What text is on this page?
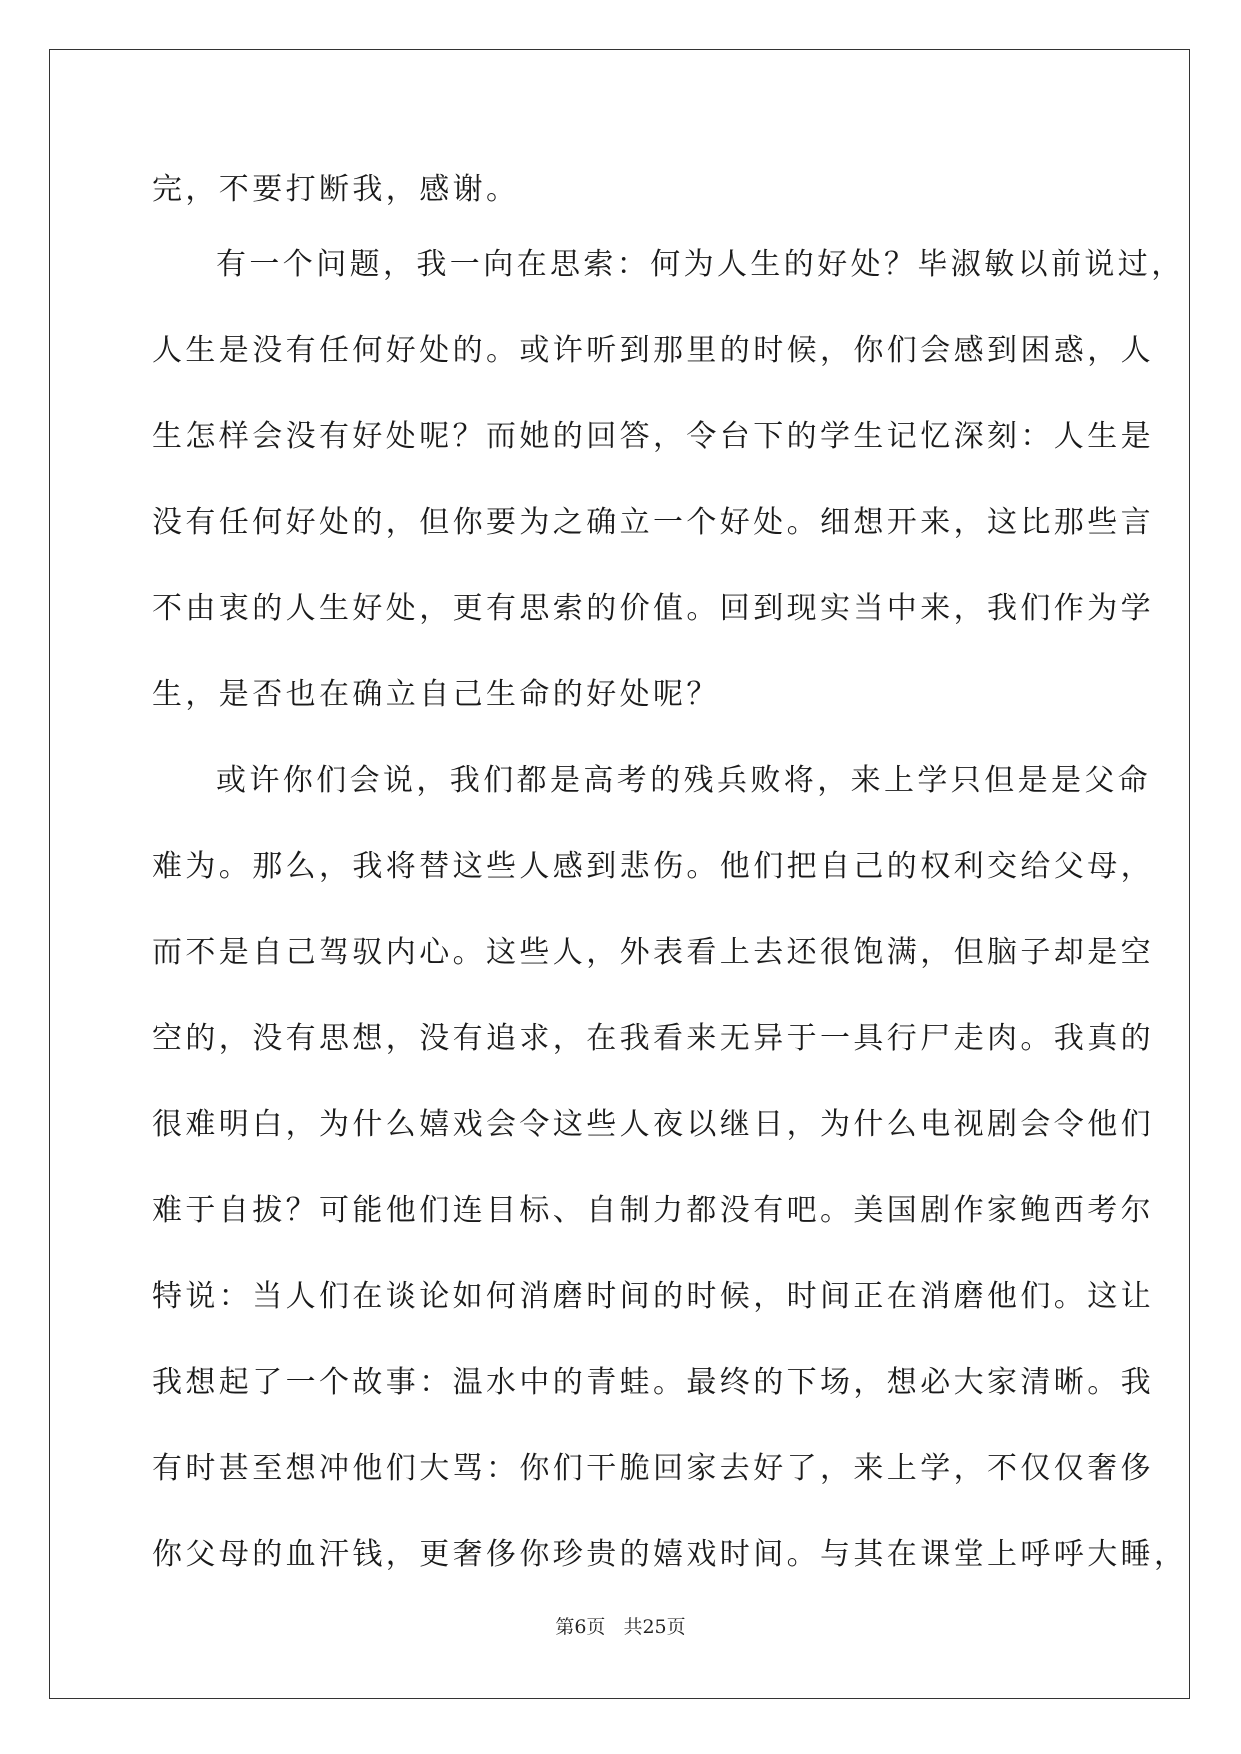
完，不要打断我，感谢。
有一个问题，我一向在思索：何为人生的好处？毕淑敏以前说过，
人生是没有任何好处的。或许听到那里的时候，你们会感到困惑，人
生怎样会没有好处呢？而她的回答，令台下的学生记忆深刻：人生是
没有任何好处的，但你要为之确立一个好处。细想开来，这比那些言
不由衷的人生好处，更有思索的价值。回到现实当中来，我们作为学
生，是否也在确立自己生命的好处呢？
或许你们会说，我们都是高考的残兵败将，来上学只但是是父命
难为。那么，我将替这些人感到悲伤。他们把自己的权利交给父母，
而不是自己驾驭内心。这些人，外表看上去还很饱满，但脑子却是空
空的，没有思想，没有追求，在我看来无异于一具行尸走肉。我真的
很难明白，为什么嬉戏会令这些人夜以继日，为什么电视剧会令他们
难于自拔？可能他们连目标、自制力都没有吧。美国剧作家鲍西考尔
特说：当人们在谈论如何消磨时间的时候，时间正在消磨他们。这让
我想起了一个故事：温水中的青蛙。最终的下场，想必大家清晰。我
有时甚至想冲他们大骂：你们干脆回家去好了，来上学，不仅仅奢侈
你父母的血汗钱，更奢侈你珍贵的嬉戏时间。与其在课堂上呼呼大睡，
第6页 共25页
